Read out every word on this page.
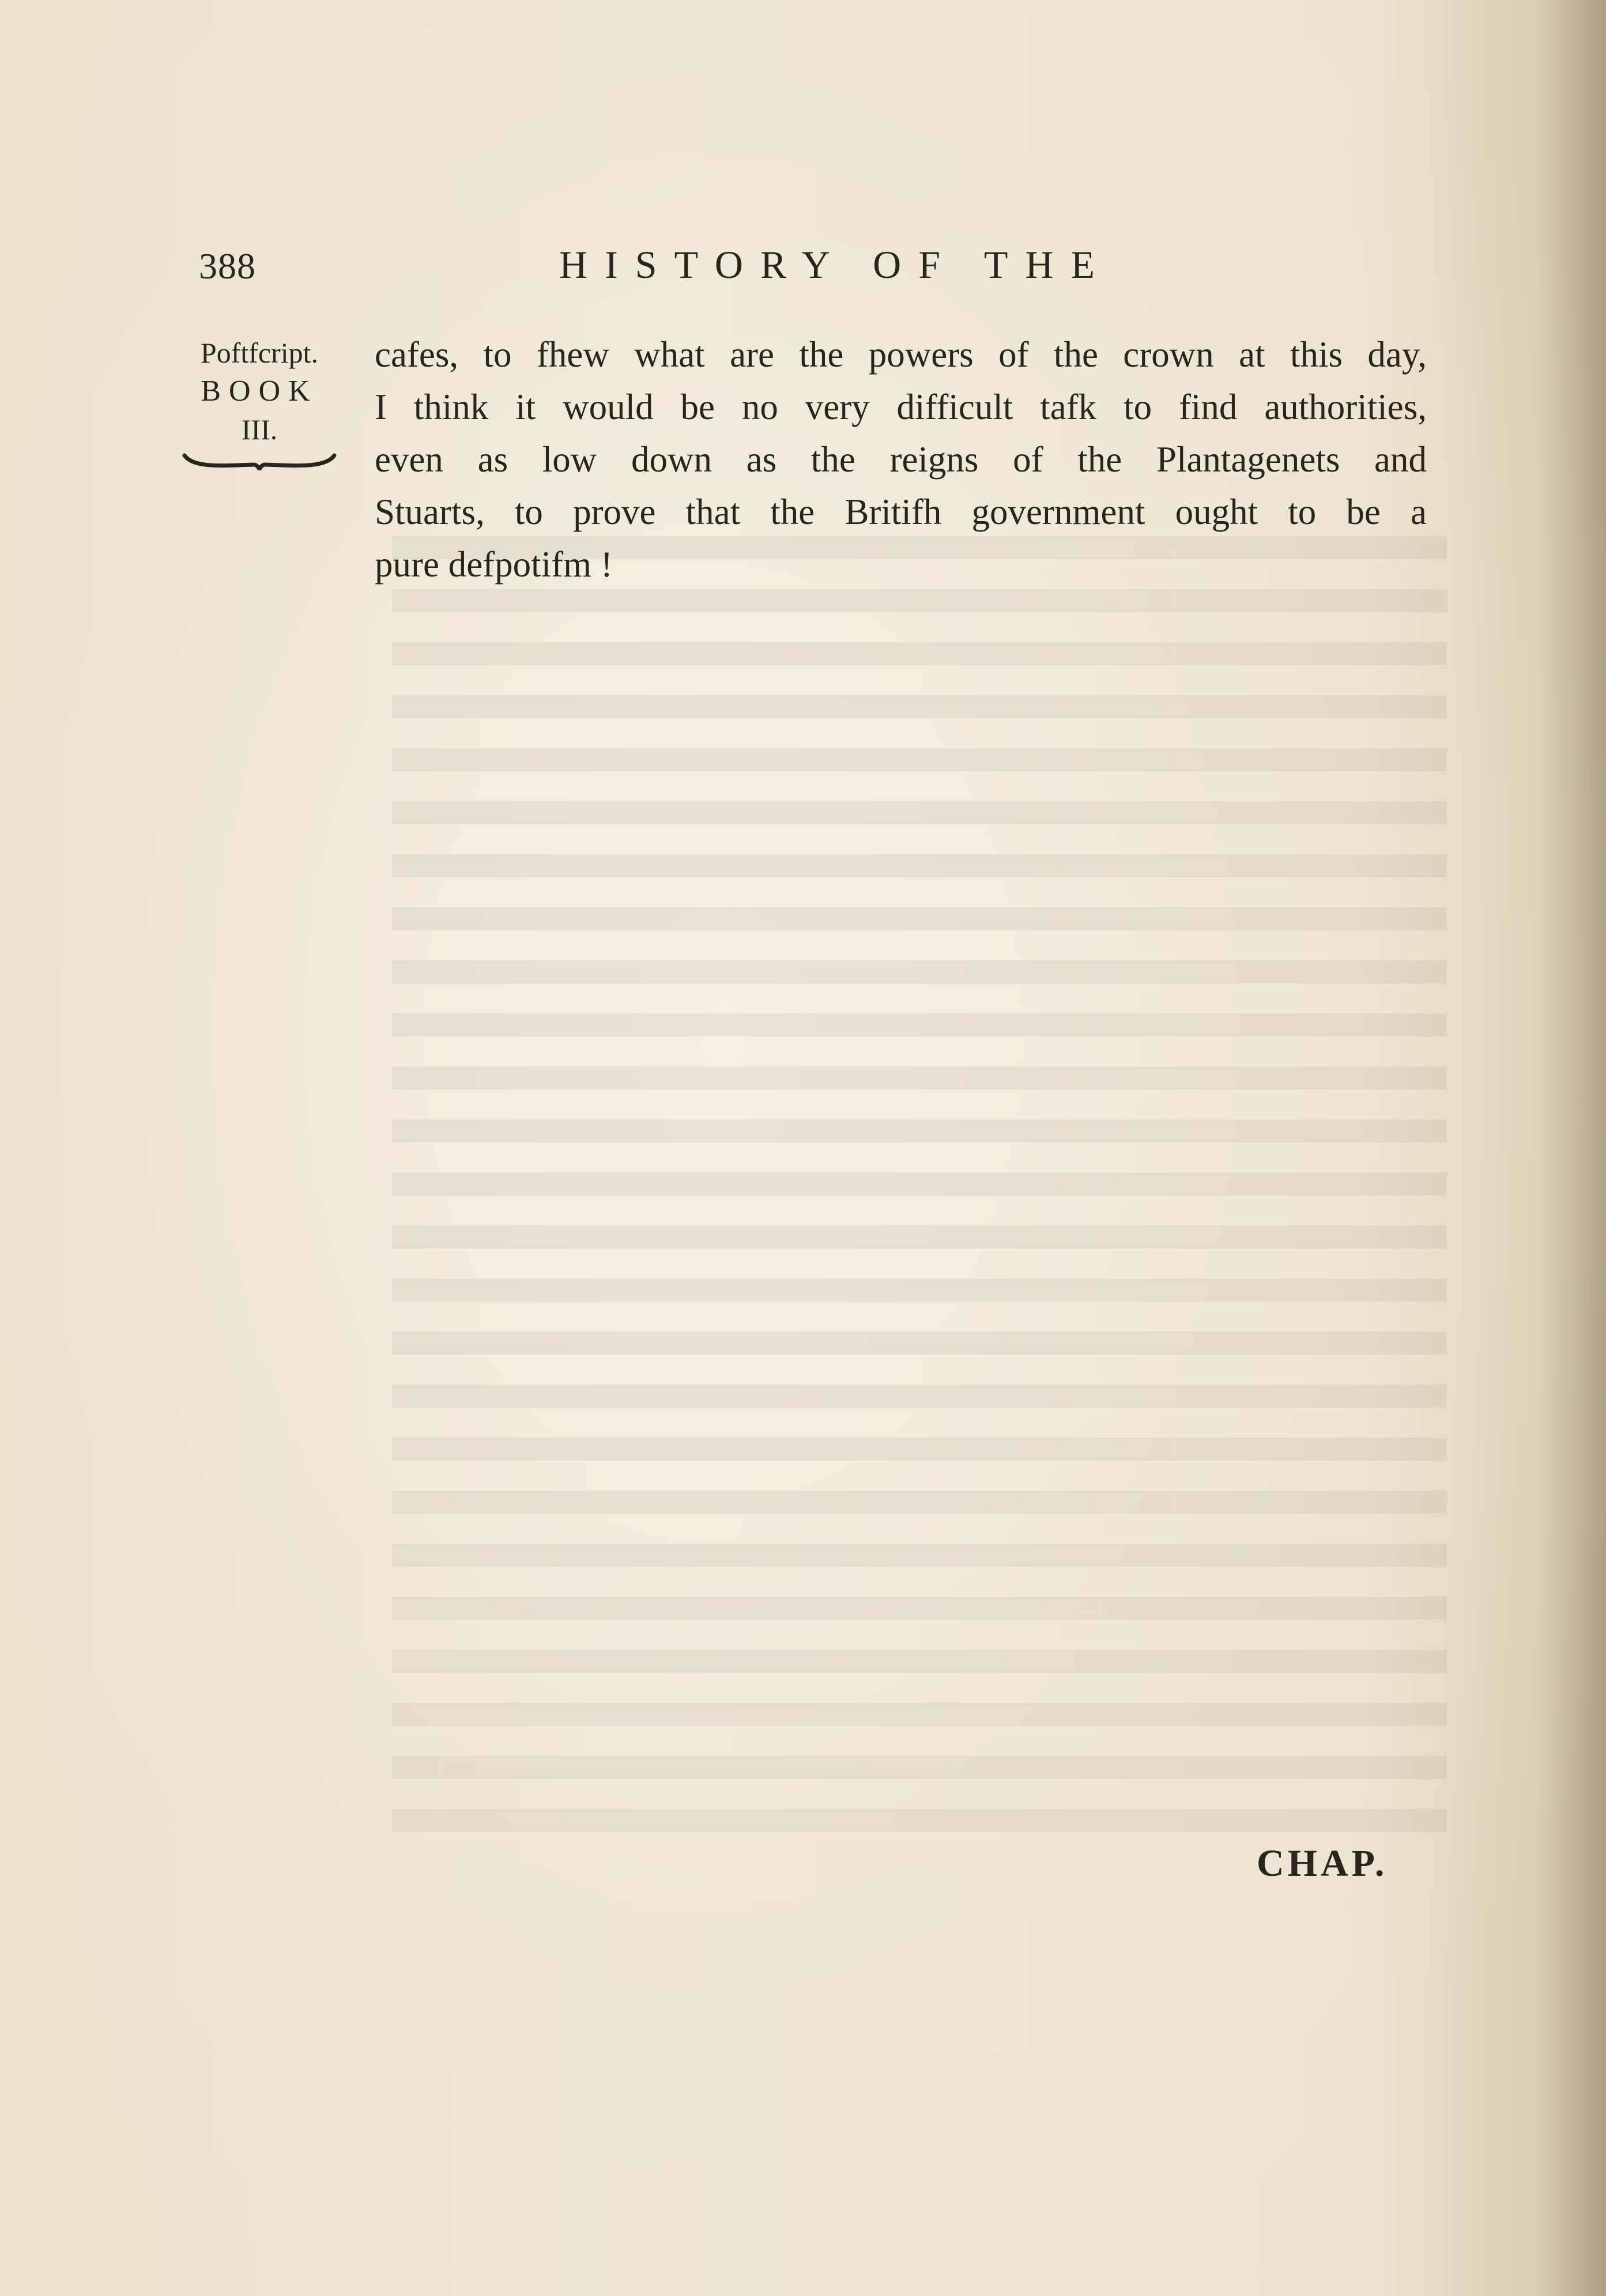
388	HISTORY OF THE
Poftfcript.
BOOK
III.
cafes, to fhew what are the powers of the crown at this day,
I think it would be no very difficult tafk to find authorities,
even as low down as the reigns of the Plantagenets and
Stuarts, to prove that the Britifh government ought to be a
pure defpotifm !
CHAP.
